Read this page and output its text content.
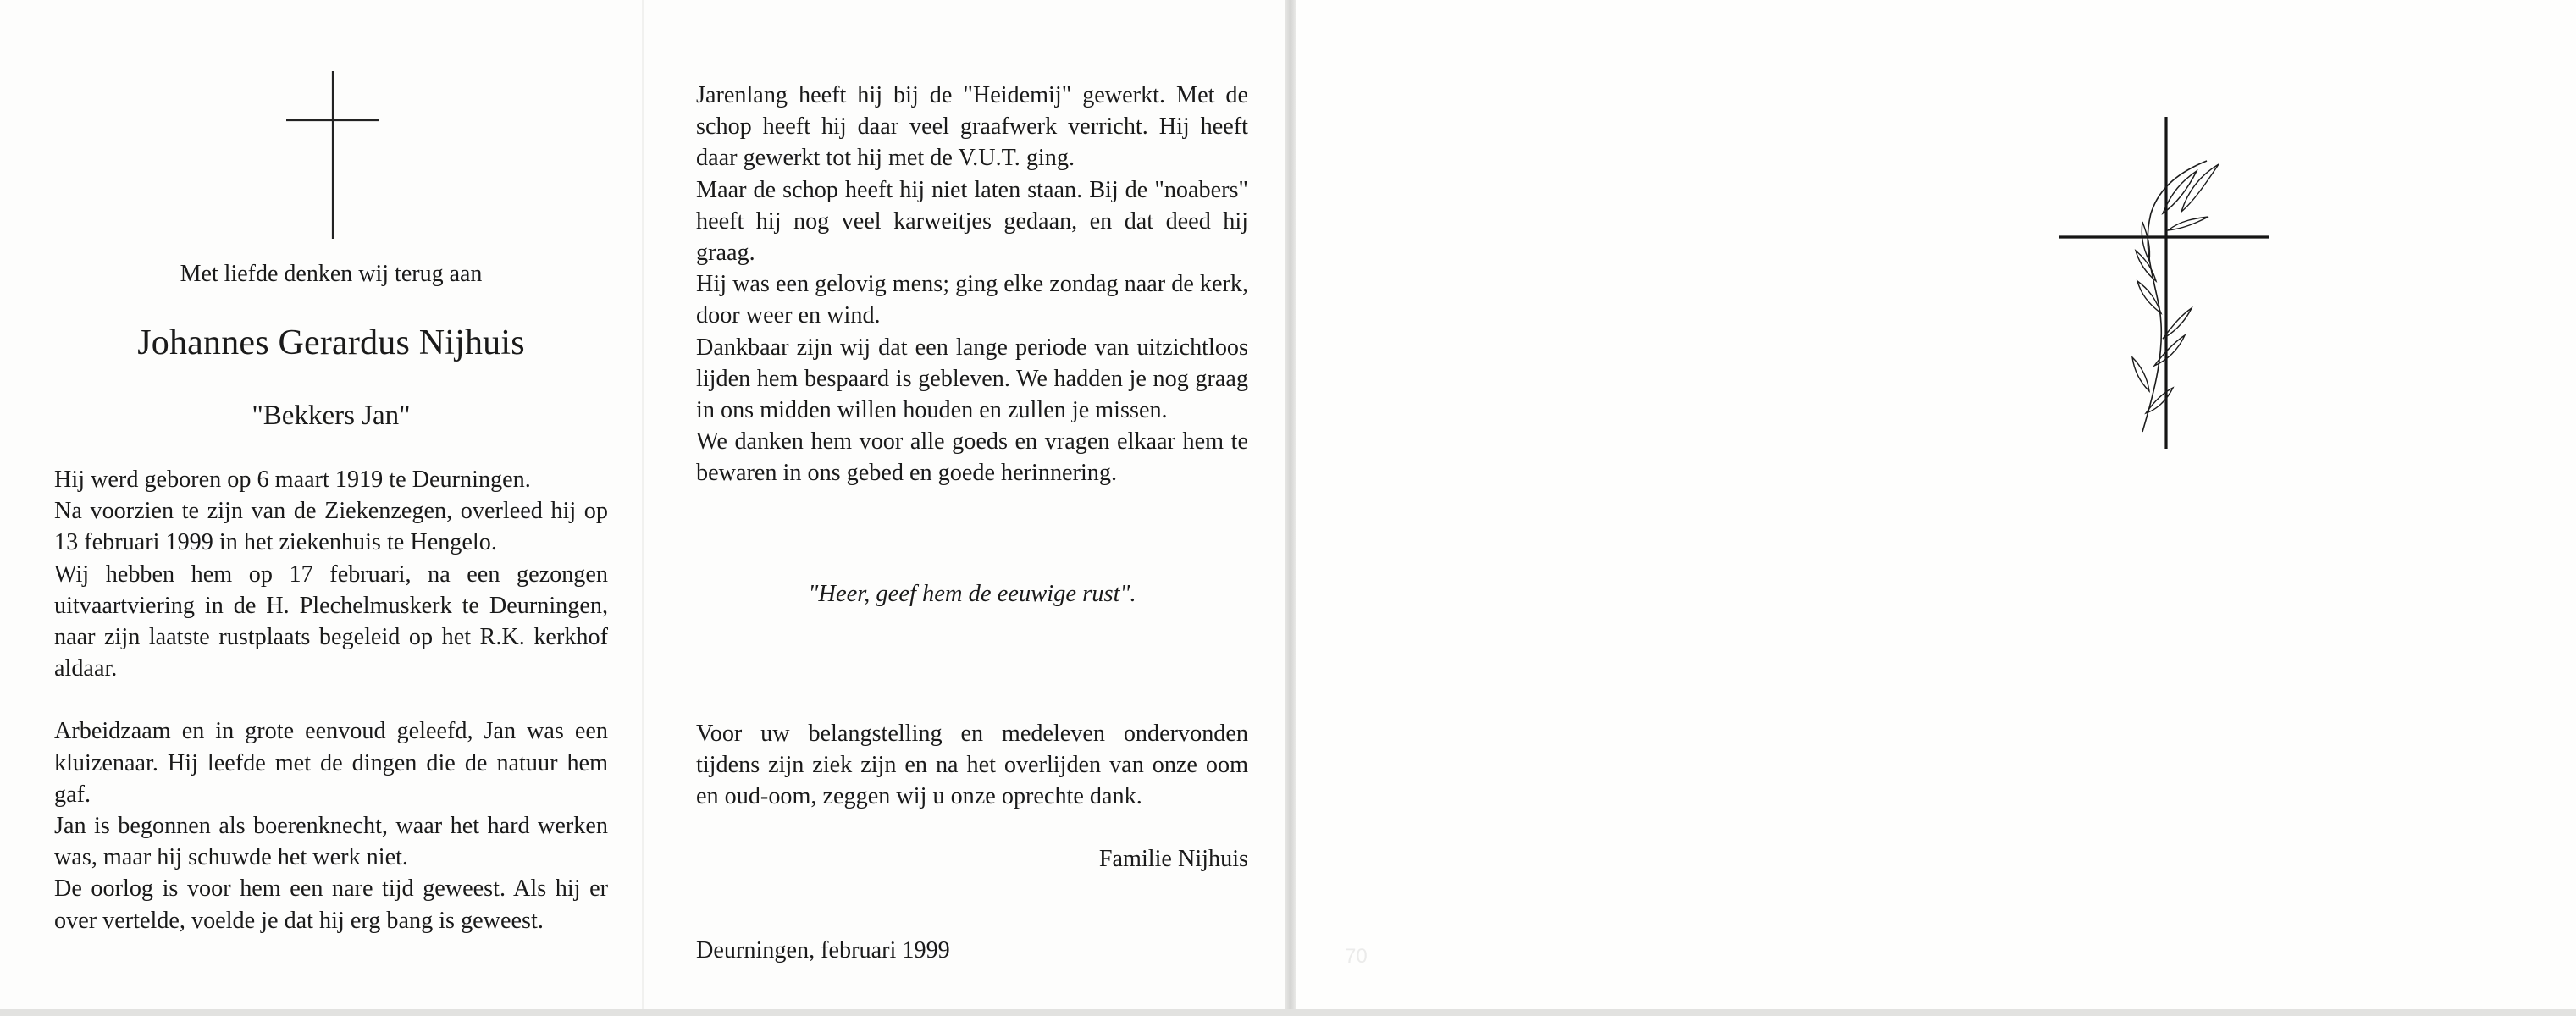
Met liefde denken wij terug aan
Johannes Gerardus Nijhuis
"Bekkers Jan"

Hij werd geboren op 6 maart 1919 te Deurningen.

Na voorzien te zijn van de Ziekenzegen, overleed hij op 13 februari 1999 in het ziekenhuis te Hengelo.

Wij hebben hem op 17 februari, na een gezongen uitvaartviering in de H. Plechelmuskerk te Deurningen, naar zijn laatste rustplaats begeleid op het R.K. kerkhof aldaar.

Arbeidzaam en in grote eenvoud geleefd, Jan was een kluizenaar. Hij leefde met de dingen die de natuur hem gaf.

Jan is begonnen als boerenknecht, waar het hard werken was, maar hij schuwde het werk niet.

De oorlog is voor hem een nare tijd geweest. Als hij er over vertelde, voelde je dat hij erg bang is geweest.

Jarenlang heeft hij bij de "Heidemij" gewerkt. Met de schop heeft hij daar veel graafwerk verricht. Hij heeft daar gewerkt tot hij met de V.U.T. ging.

Maar de schop heeft hij niet laten staan. Bij de "noabers" heeft hij nog veel karweitjes gedaan, en dat deed hij graag.

Hij was een gelovig mens; ging elke zondag naar de kerk, door weer en wind.

Dankbaar zijn wij dat een lange periode van uitzichtloos lijden hem bespaard is gebleven. We hadden je nog graag in ons midden willen houden en zullen je missen.

We danken hem voor alle goeds en vragen elkaar hem te bewaren in ons gebed en goede herinnering.

"Heer, geef hem de eeuwige rust".
Voor uw belangstelling en medeleven ondervonden tijdens zijn ziek zijn en na het overlijden van onze oom en oud-oom, zeggen wij u onze oprechte dank.
Familie Nijhuis
Deurningen, februari 1999	70
